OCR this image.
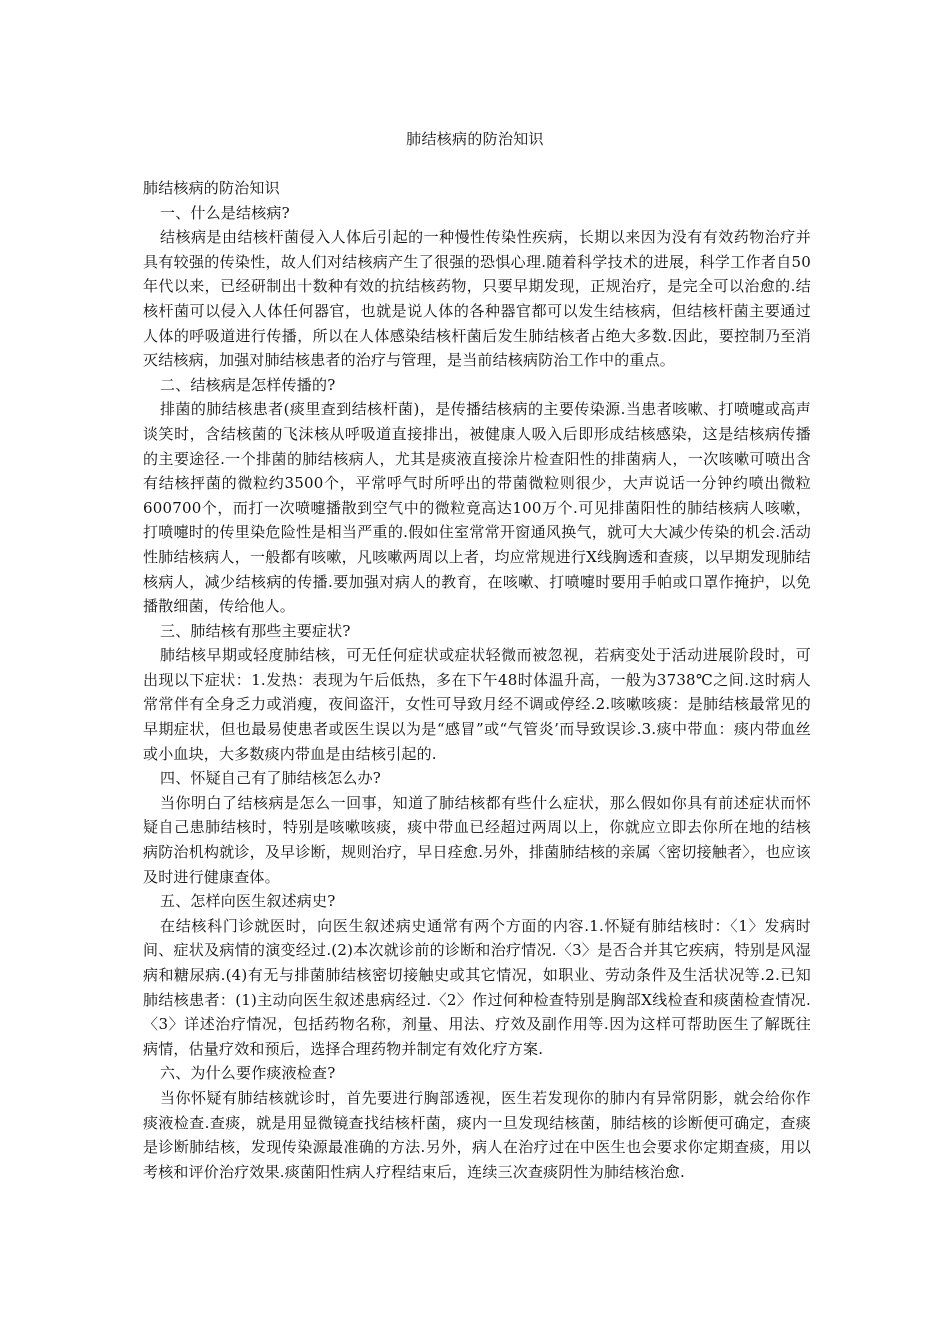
肺结核病的防治知识

肺结核病的防治知识

一、什么是结核病?

结核病是由结核杆菌侵入人体后引起的一种慢性传染性疾病，长期以来因为没有有效药物治疗并具有较强的传染性，故人们对结核病产生了很强的恐惧心理.随着科学技术的进展，科学工作者自50年代以来，已经研制出十数种有效的抗结核药物，只要早期发现，正规治疗，是完全可以治愈的.结核杆菌可以侵入人体任何器官，也就是说人体的各种器官都可以发生结核病，但结核杆菌主要通过人体的呼吸道进行传播，所以在人体感染结核杆菌后发生肺结核者占绝大多数.因此，要控制乃至消灭结核病，加强对肺结核患者的治疗与管理，是当前结核病防治工作中的重点。

二、结核病是怎样传播的?

排菌的肺结核患者(痰里查到结核杆菌)，是传播结核病的主要传染源.当患者咳嗽、打喷嚏或高声谈笑时，含结核菌的飞沫核从呼吸道直接排出，被健康人吸入后即形成结核感染，这是结核病传播的主要途径.一个排菌的肺结核病人，尤其是痰液直接涂片检查阳性的排菌病人，一次咳嗽可喷出含有结核抨菌的微粒约3500个，平常呼气时所呼出的带菌微粒则很少，大声说话一分钟约喷出微粒600700个，而打一次喷嚏播散到空气中的微粒竟高达100万个.可见排菌阳性的肺结核病人咳嗽，打喷嚏时的传里染危险性是相当严重的.假如住室常常开窗通风换气，就可大大减少传染的机会.活动性肺结核病人，一般都有咳嗽，凡咳嗽两周以上者，均应常规进行X线胸透和查痰，以早期发现肺结核病人，减少结核病的传播.要加强对病人的教育，在咳嗽、打喷嚏时要用手帕或口罩作掩护，以免播散细菌，传给他人。

三、肺结核有那些主要症状?

肺结核早期或轻度肺结核，可无任何症状或症状轻微而被忽视，若病变处于活动进展阶段时，可出现以下症状：1.发热：表现为午后低热，多在下午48时体温升高，一般为3738℃之间.这时病人常常伴有全身乏力或消瘦，夜间盗汗，女性可导致月经不调或停经.2.咳嗽咳痰：是肺结核最常见的早期症状，但也最易使患者或医生误以为是“感冒”或“气管炎’而导致误诊.3.痰中带血：痰内带血丝或小血块，大多数痰内带血是由结核引起的.

四、怀疑自己有了肺结核怎么办?

当你明白了结核病是怎么一回事，知道了肺结核都有些什么症状，那么假如你具有前述症状而怀疑自己患肺结核时，特别是咳嗽咳痰，痰中带血已经超过两周以上，你就应立即去你所在地的结核病防治机构就诊，及早诊断，规则治疗，早日痊愈.另外，排菌肺结核的亲属〈密切接触者〉，也应该及时进行健康查体。

五、怎样向医生叙述病史?

在结核科门诊就医时，向医生叙述病史通常有两个方面的内容.1.怀疑有肺结核时：〈1〉发病时间、症状及病情的演变经过.(2)本次就诊前的诊断和治疗情况.〈3〉是否合并其它疾病，特别是风湿病和糖尿病.(4)有无与排菌肺结核密切接触史或其它情况，如职业、劳动条件及生活状况等.2.已知肺结核患者：(1)主动向医生叙述患病经过.〈2〉作过何种检查特别是胸部X线检查和痰菌检查情况.〈3〉详述治疗情况，包括药物名称，剂量、用法、疗效及副作用等.因为这样可帮助医生了解既往病情，估量疗效和预后，选择合理药物并制定有效化疗方案.

六、为什么要作痰液检查?

当你怀疑有肺结核就诊时，首先要进行胸部透视，医生若发现你的肺内有异常阴影，就会给你作痰液检查.查痰，就是用显微镜查找结核杆菌，痰内一旦发现结核菌，肺结核的诊断便可确定，查痰是诊断肺结核，发现传染源最准确的方法.另外，病人在治疗过在中医生也会要求你定期查痰，用以考核和评价治疗效果.痰菌阳性病人疗程结束后，连续三次查痰阴性为肺结核治愈.
